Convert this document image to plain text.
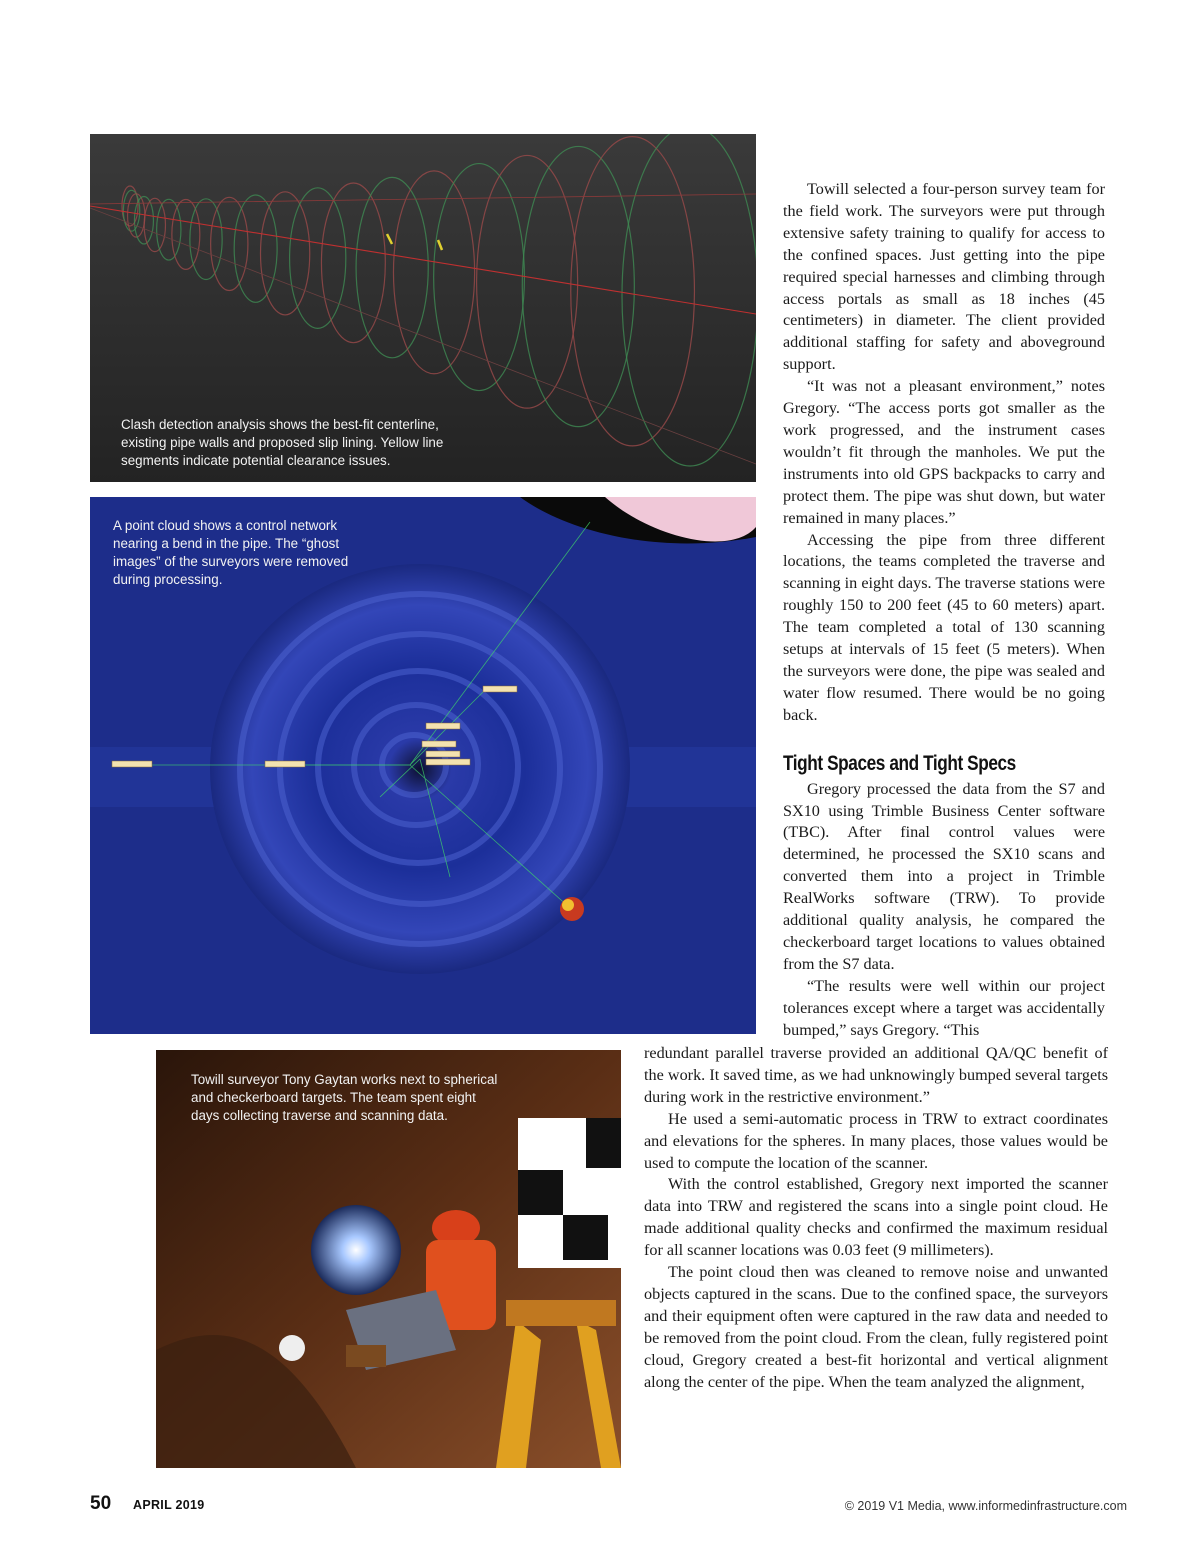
Clash detection analysis shows the best-fit centerline, existing pipe walls and proposed slip lining. Yellow line segments indicate potential clearance issues.

A point cloud shows a control network nearing a bend in the pipe. The “ghost images” of the surveyors were removed during processing.

Towill surveyor Tony Gaytan works next to spherical and checkerboard targets. The team spent eight days collecting traverse and scanning data.

Towill selected a four-person survey team for the field work. The surveyors were put through extensive safety training to qualify for access to the confined spaces. Just getting into the pipe required special harnesses and climbing through access portals as small as 18 inches (45 centimeters) in diameter. The client provided additional staffing for safety and aboveground support.

“It was not a pleasant environment,” notes Gregory. “The access ports got smaller as the work progressed, and the instrument cases wouldn’t fit through the manholes. We put the instruments into old GPS backpacks to carry and protect them. The pipe was shut down, but water remained in many places.”

Accessing the pipe from three different locations, the teams completed the traverse and scanning in eight days. The traverse stations were roughly 150 to 200 feet (45 to 60 meters) apart. The team completed a total of 130 scanning setups at intervals of 15 feet (5 meters). When the surveyors were done, the pipe was sealed and water flow resumed. There would be no going back.

Tight Spaces and Tight Specs

Gregory processed the data from the S7 and SX10 using Trimble Business Center software (TBC). After final control values were determined, he processed the SX10 scans and converted them into a project in Trimble RealWorks software (TRW). To provide additional quality analysis, he compared the checkerboard target locations to values obtained from the S7 data.

“The results were well within our project tolerances except where a target was accidentally bumped,” says Gregory. “This

redundant parallel traverse provided an additional QA/QC benefit of the work. It saved time, as we had unknowingly bumped several targets during work in the restrictive environment.”

He used a semi-automatic process in TRW to extract coordinates and elevations for the spheres. In many places, those values would be used to compute the location of the scanner.

With the control established, Gregory next imported the scanner data into TRW and registered the scans into a single point cloud. He made additional quality checks and confirmed the maximum residual for all scanner locations was 0.03 feet (9 millimeters).

The point cloud then was cleaned to remove noise and unwanted objects captured in the scans. Due to the confined space, the surveyors and their equipment often were captured in the raw data and needed to be removed from the point cloud. From the clean, fully registered point cloud, Gregory created a best-fit horizontal and vertical alignment along the center of the pipe. When the team analyzed the alignment,

50 APRIL 2019	© 2019 V1 Media, www.informedinfrastructure.com
